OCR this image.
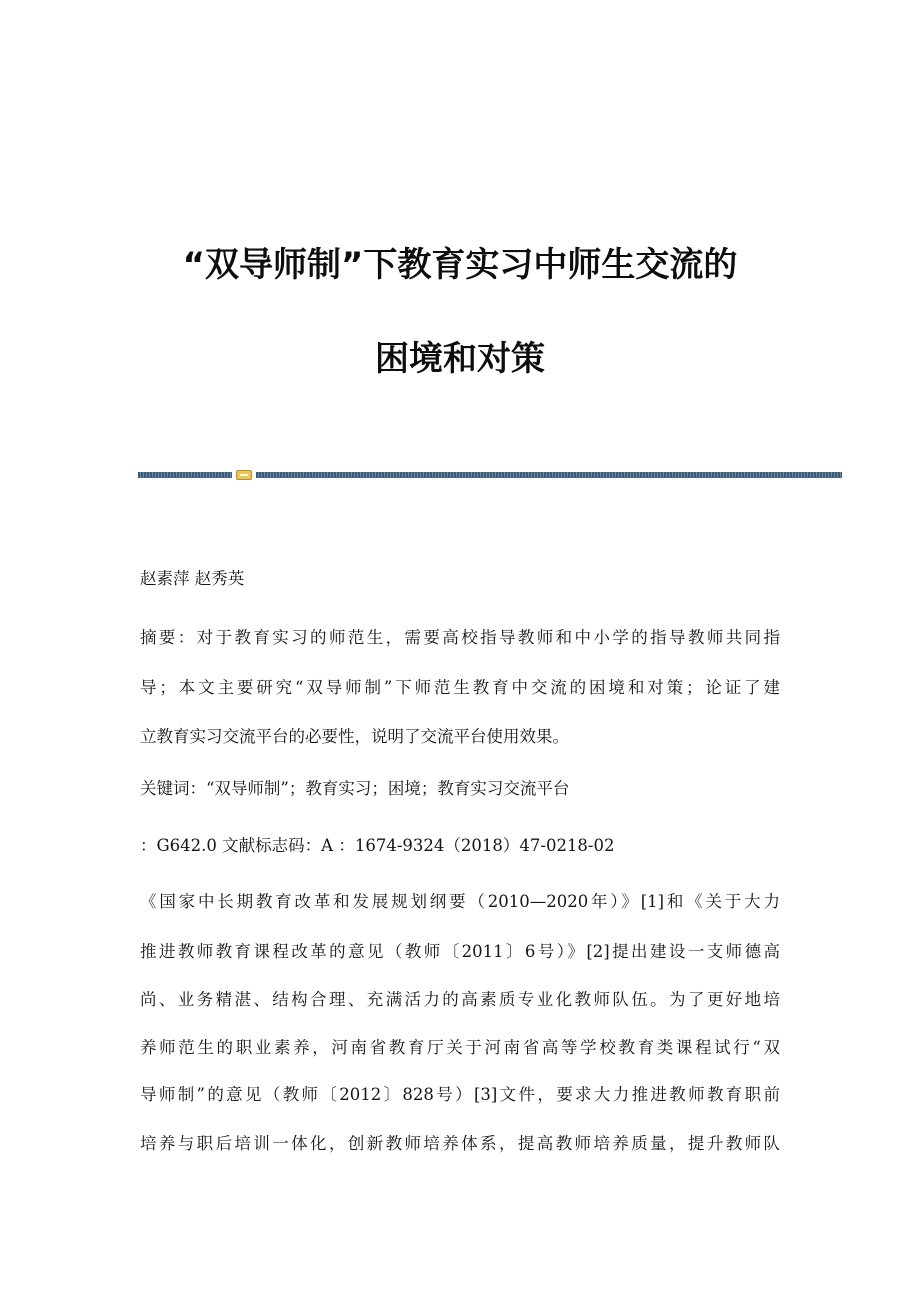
“双导师制”下教育实习中师生交流的
困境和对策
赵素萍 赵秀英
摘要：对于教育实习的师范生，需要高校指导教师和中小学的指导教师共同指
导；本文主要研究“双导师制”下师范生教育中交流的困境和对策；论证了建
立教育实习交流平台的必要性，说明了交流平台使用效果。
关键词：“双导师制”；教育实习；困境；教育实习交流平台
：G642.0 文献标志码：A ：1674-9324（2018）47-0218-02
《国家中长期教育改革和发展规划纲要（2010—2020年）》[1]和《关于大力
推进教师教育课程改革的意见（教师〔2011〕6号）》[2]提出建设一支师德高
尚、业务精湛、结构合理、充满活力的高素质专业化教师队伍。为了更好地培
养师范生的职业素养，河南省教育厅关于河南省高等学校教育类课程试行“双
导师制”的意见（教师〔2012〕828号）[3]文件，要求大力推进教师教育职前
培养与职后培训一体化，创新教师培养体系，提高教师培养质量，提升教师队
